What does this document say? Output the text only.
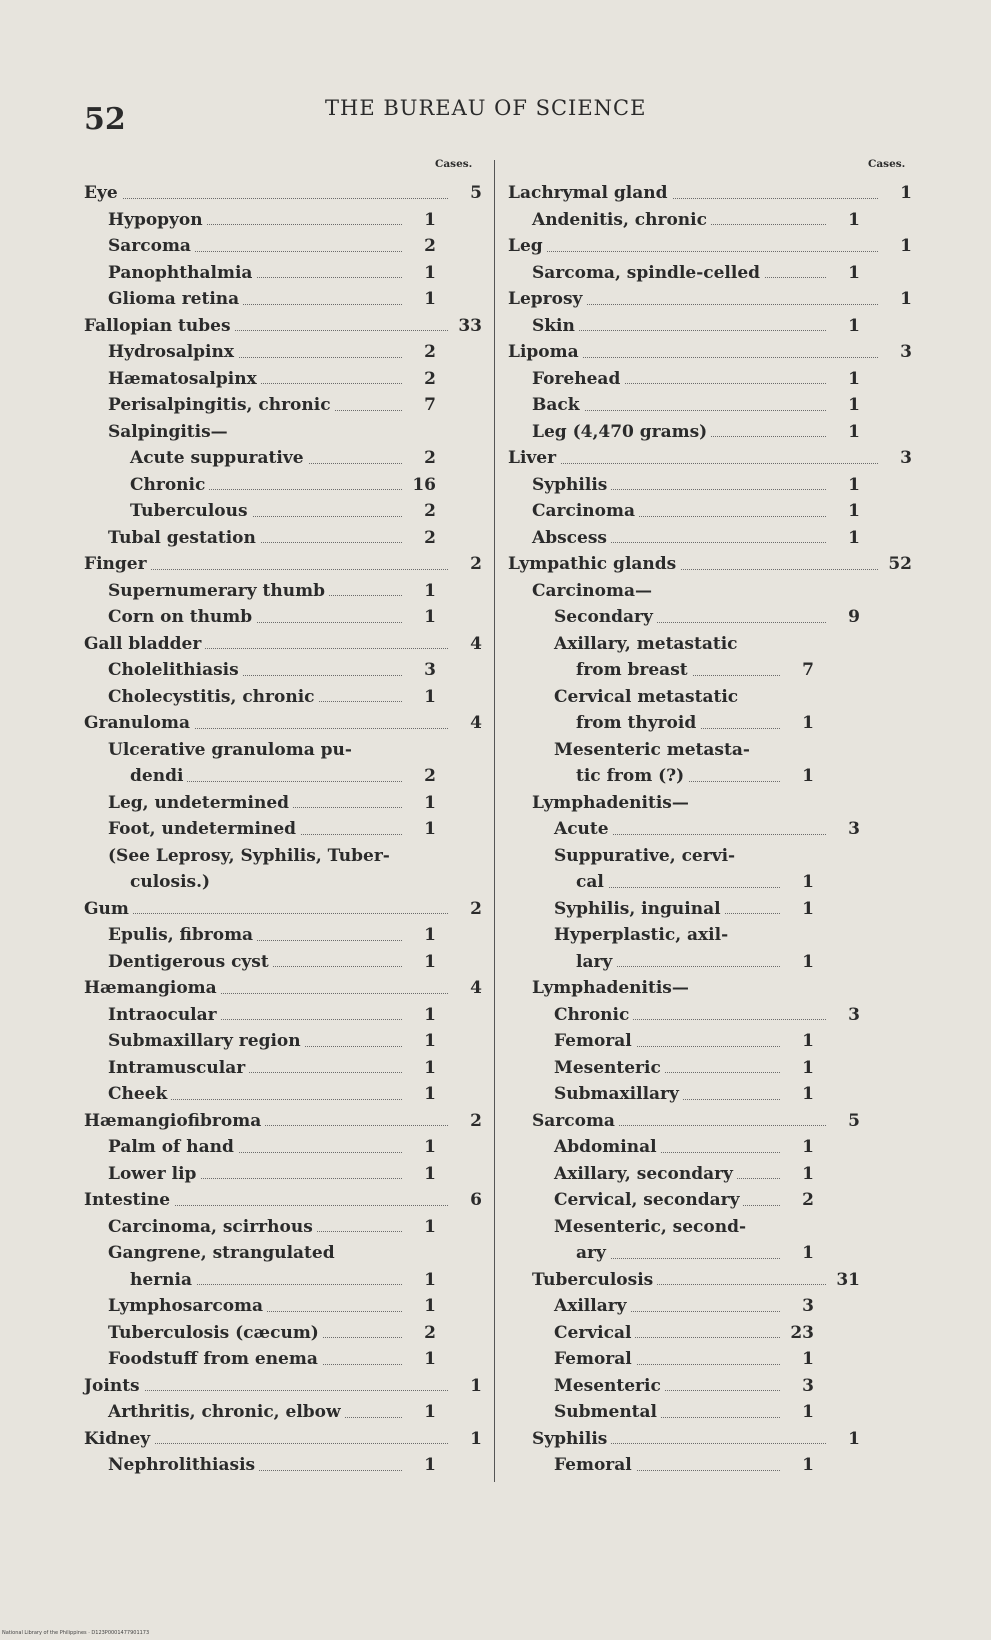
52	THE BUREAU OF SCIENCE
Cases.	Cases.
Eye	5
Hypopyon	1
Sarcoma	2
Panophthalmia	1
Glioma retina	1
Fallopian tubes	33
Hydrosalpinx	2
Hæmatosalpinx	2
Perisalpingitis, chronic	7
Salpingitis—
Acute suppurative	2
Chronic	16
Tuberculous	2
Tubal gestation	2
Finger	2
Supernumerary thumb	1
Corn on thumb	1
Gall bladder	4
Cholelithiasis	3
Cholecystitis, chronic	1
Granuloma	4
Ulcerative granuloma pu-
dendi	2
Leg, undetermined	1
Foot, undetermined	1
(See Leprosy, Syphilis, Tuber-
culosis.)
Gum	2
Epulis, fibroma	1
Dentigerous cyst	1
Hæmangioma	4
Intraocular	1
Submaxillary region	1
Intramuscular	1
Cheek	1
Hæmangiofibroma	2
Palm of hand	1
Lower lip	1
Intestine	6
Carcinoma, scirrhous	1
Gangrene, strangulated
hernia	1
Lymphosarcoma	1
Tuberculosis (cæcum)	2
Foodstuff from enema	1
Joints	1
Arthritis, chronic, elbow	1
Kidney	1
Nephrolithiasis	1
Lachrymal gland	1
Andenitis, chronic	1
Leg	1
Sarcoma, spindle-celled	1
Leprosy	1
Skin	1
Lipoma	3
Forehead	1
Back	1
Leg (4,470 grams)	1
Liver	3
Syphilis	1
Carcinoma	1
Abscess	1
Lympathic glands	52
Carcinoma—
Secondary	9
Axillary, metastatic
from breast	7
Cervical metastatic
from thyroid	1
Mesenteric metasta-
tic from (?)	1
Lymphadenitis—
Acute	3
Suppurative, cervi-
cal	1
Syphilis, inguinal	1
Hyperplastic, axil-
lary	1
Lymphadenitis—
Chronic	3
Femoral	1
Mesenteric	1
Submaxillary	1
Sarcoma	5
Abdominal	1
Axillary, secondary	1
Cervical, secondary	2
Mesenteric, second-
ary	1
Tuberculosis	31
Axillary	3
Cervical	23
Femoral	1
Mesenteric	3
Submental	1
Syphilis	1
Femoral	1
National Library of the Philippines · D123P0001477901173
